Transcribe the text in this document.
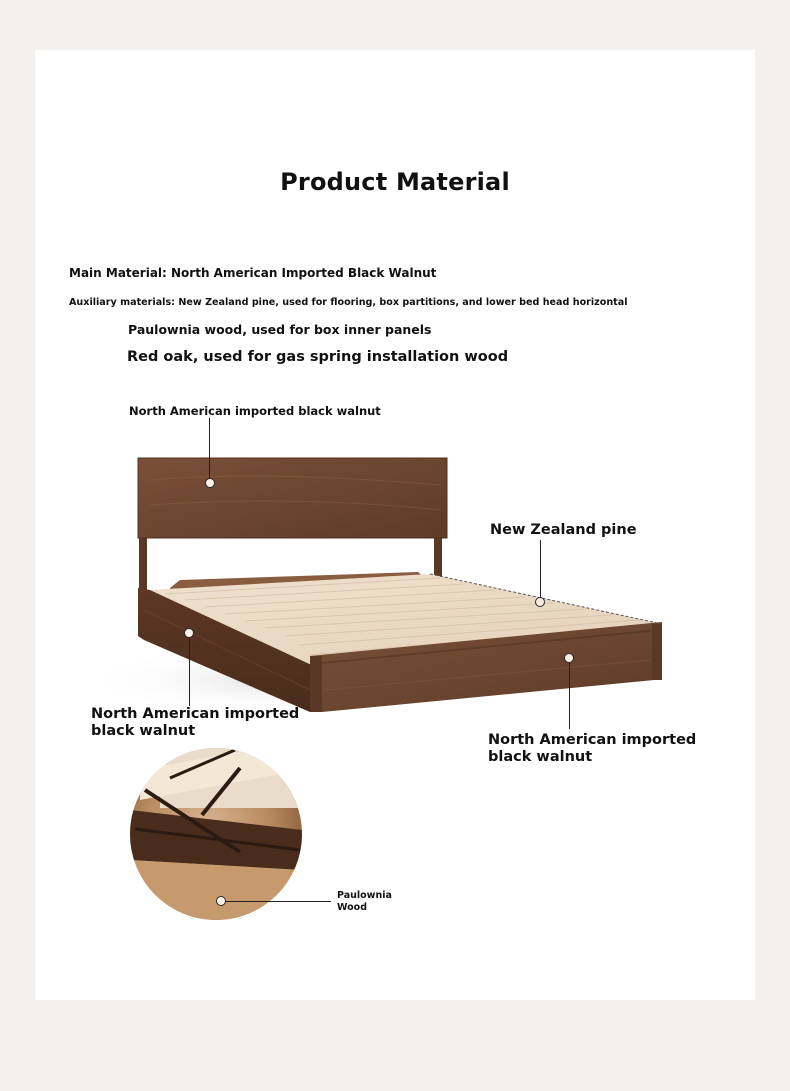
Product Material
Main Material: North American Imported Black Walnut
Auxiliary materials: New Zealand pine, used for flooring, box partitions, and lower bed head horizontal
Paulownia wood, used for box inner panels
Red oak, used for gas spring installation wood
North American imported black walnut
New Zealand pine
North American imported
black walnut
North American imported
black walnut
Paulownia
Wood
